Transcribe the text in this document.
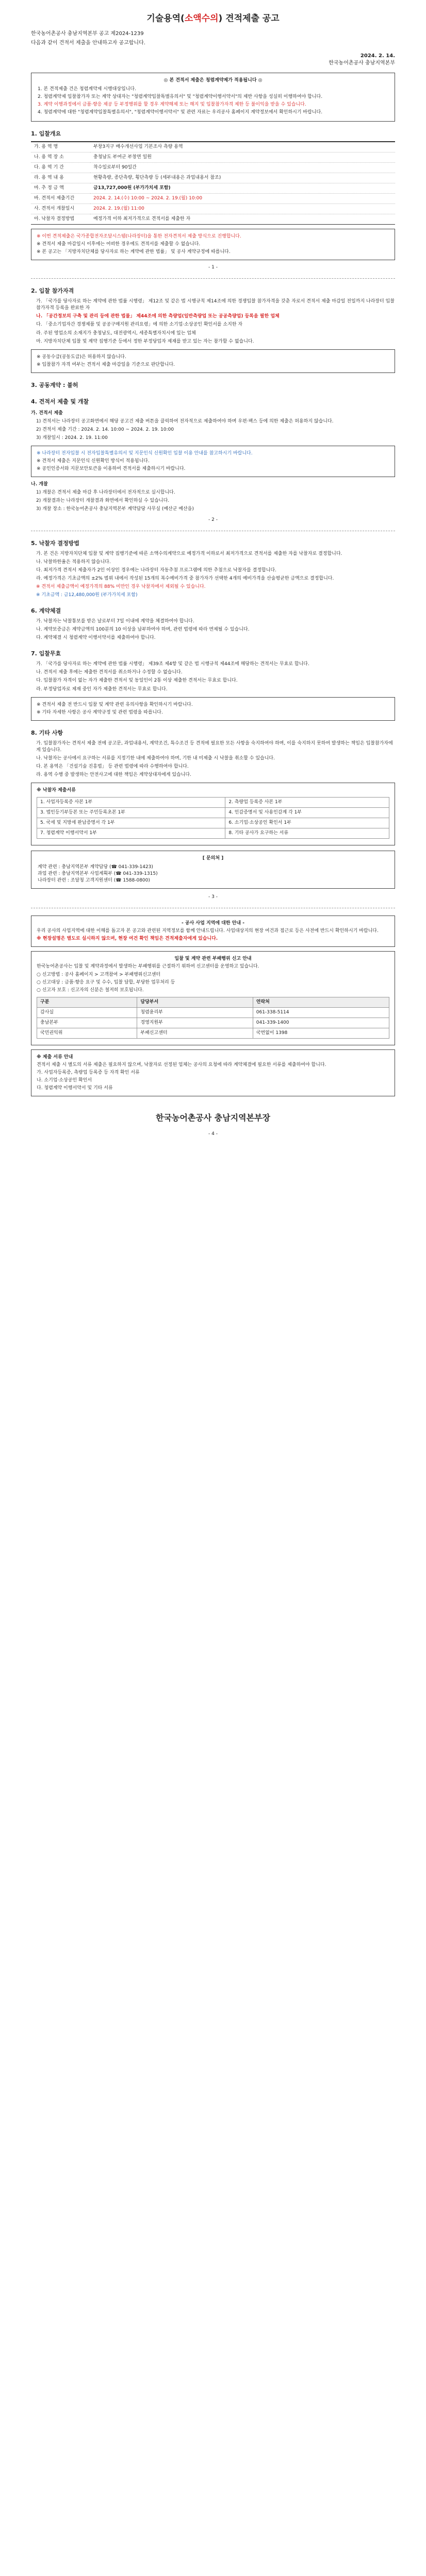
기술용역(소액수의) 견적제출 공고

한국농어촌공사 충남지역본부 공고 제2024-1239

다음과 같이 견적서 제출을 안내하고자 공고합니다.

2024. 2. 14.
한국농어촌공사 충남지역본부
◎ 본 견적서 제출은 청렴계약제가 적용됩니다 ◎

1. 본 견적제출 건은 청렴계약제 시행대상입니다.

2. 청렴계약제 입찰참가자 또는 계약 상대자는 "청렴계약입찰특별유의서" 및 "청렴계약이행서약서"의 제반 사항을 성실히 이행하여야 합니다.

3. 계약 이행과정에서 금품·향응 제공 등 부정행위를 할 경우 계약해제 또는 해지 및 입찰참가자격 제한 등 불이익을 받을 수 있습니다.

4. 청렴계약에 대한 "청렴계약입찰특별유의서", "청렴계약이행서약서" 및 관련 자료는 우리공사 홈페이지 계약정보에서 확인하시기 바랍니다.

1. 입찰개요
가. 용 역 명	부창3지구 배수개선사업 기본조사 측량 용역
나. 용 역 장 소	충청남도 부여군 부창면 일원
다. 용 역 기 간	착수일로부터 90일간
라. 용 역 내 용	현황측량, 종단측량, 횡단측량 등 (세부내용은 과업내용서 참조)
마. 추 정 금 액	금13,727,000원 (부가가치세 포함)
바. 견적서 제출기간	2024. 2. 14.(수) 10:00 ~ 2024. 2. 19.(월) 10:00
사. 견적서 개찰일시	2024. 2. 19.(월) 11:00
아. 낙찰자 결정방법	예정가격 이하 최저가격으로 견적서를 제출한 자

※ 이번 견적제출은 국가종합전자조달시스템(나라장터)을 통한 전자견적서 제출 방식으로 진행합니다.

※ 견적서 제출 마감일시 이후에는 어떠한 경우에도 견적서를 제출할 수 없습니다.

※ 본 공고는 「지방자치단체를 당사자로 하는 계약에 관한 법률」 및 공사 계약규정에 따릅니다.

- 1 -
2. 입찰 참가자격

가. 「국가를 당사자로 하는 계약에 관한 법률 시행령」 제12조 및 같은 법 시행규칙 제14조에 의한 경쟁입찰 참가자격을 갖춘 자로서 견적서 제출 마감일 전일까지 나라장터 입찰참가자격 등록을 완료한 자

나. 「공간정보의 구축 및 관리 등에 관한 법률」 제44조에 의한 측량업(일반측량업 또는 공공측량업) 등록을 필한 업체

다. 「중소기업자간 경쟁제품 및 공공구매지원 관리요령」에 의한 소기업·소상공인 확인서를 소지한 자

라. 주된 영업소의 소재지가 충청남도, 대전광역시, 세종특별자치시에 있는 업체

마. 지방자치단체 입찰 및 계약 집행기준 등에서 정한 부정당업자 제재를 받고 있는 자는 참가할 수 없습니다.

※ 공동수급(공동도급)은 허용하지 않습니다.

※ 입찰참가 자격 여부는 견적서 제출 마감일을 기준으로 판단합니다.

3. 공동계약 : 불허
4. 견적서 제출 및 개찰
가. 견적서 제출

1) 견적서는 나라장터 공고화면에서 해당 공고건 제출 버튼을 클릭하여 전자적으로 제출하여야 하며 우편·팩스 등에 의한 제출은 허용하지 않습니다.

2) 견적서 제출 기간 : 2024. 2. 14. 10:00 ~ 2024. 2. 19. 10:00

3) 개찰일시 : 2024. 2. 19. 11:00

※ 나라장터 전자입찰 시 전자입찰특별유의서 및 지문인식 신원확인 입찰 이용 안내를 참고하시기 바랍니다.

※ 견적서 제출은 지문인식 신원확인 방식이 적용됩니다.

※ 공인인증서와 지문보안토큰을 이용하여 견적서를 제출하시기 바랍니다.

나. 개찰

1) 개찰은 견적서 제출 마감 후 나라장터에서 전자적으로 실시합니다.

2) 개찰결과는 나라장터 개찰결과 화면에서 확인하실 수 있습니다.

3) 개찰 장소 : 한국농어촌공사 충남지역본부 계약담당 사무실 (예산군 예산읍)

- 2 -
5. 낙찰자 결정방법

가. 본 건은 지방자치단체 입찰 및 계약 집행기준에 따른 소액수의계약으로 예정가격 이하로서 최저가격으로 견적서를 제출한 자를 낙찰자로 결정합니다.

나. 낙찰하한율은 적용하지 않습니다.

다. 최저가격 견적서 제출자가 2인 이상인 경우에는 나라장터 자동추첨 프로그램에 의한 추첨으로 낙찰자를 결정합니다.

라. 예정가격은 기초금액의 ±2% 범위 내에서 작성된 15개의 복수예비가격 중 참가자가 선택한 4개의 예비가격을 산술평균한 금액으로 결정합니다.

※ 견적서 제출금액이 예정가격의 88% 미만인 경우 낙찰자에서 제외될 수 있습니다.

※ 기초금액 : 금12,480,000원 (부가가치세 포함)

6. 계약체결

가. 낙찰자는 낙찰통보를 받은 날로부터 7일 이내에 계약을 체결하여야 합니다.

나. 계약보증금은 계약금액의 100분의 10 이상을 납부하여야 하며, 관련 법령에 따라 면제될 수 있습니다.

다. 계약체결 시 청렴계약 이행서약서를 제출하여야 합니다.

7. 입찰무효

가. 「국가를 당사자로 하는 계약에 관한 법률 시행령」 제39조 제4항 및 같은 법 시행규칙 제44조에 해당하는 견적서는 무효로 합니다.

나. 견적서 제출 후에는 제출한 견적서를 취소하거나 수정할 수 없습니다.

다. 입찰참가 자격이 없는 자가 제출한 견적서 및 동일인이 2통 이상 제출한 견적서는 무효로 합니다.

라. 부정당업자로 제재 중인 자가 제출한 견적서는 무효로 합니다.

※ 견적서 제출 전 반드시 입찰 및 계약 관련 유의사항을 확인하시기 바랍니다.

※ 기타 자세한 사항은 공사 계약규정 및 관련 법령을 따릅니다.

8. 기타 사항

가. 입찰참가자는 견적서 제출 전에 공고문, 과업내용서, 계약조건, 특수조건 등 견적에 필요한 모든 사항을 숙지하여야 하며, 이를 숙지하지 못하여 발생하는 책임은 입찰참가자에게 있습니다.

나. 낙찰자는 공사에서 요구하는 서류를 지정기한 내에 제출하여야 하며, 기한 내 미제출 시 낙찰을 취소할 수 있습니다.

다. 본 용역은 「건설기술 진흥법」 등 관련 법령에 따라 수행하여야 합니다.

라. 용역 수행 중 발생하는 안전사고에 대한 책임은 계약상대자에게 있습니다.

※ 낙찰자 제출서류

1. 사업자등록증 사본 1부	2. 측량업 등록증 사본 1부
3. 법인등기부등본 또는 주민등록초본 1부	4. 인감증명서 및 사용인감계 각 1부
5. 국세 및 지방세 완납증명서 각 1부	6. 소기업·소상공인 확인서 1부
7. 청렴계약 이행서약서 1부	8. 기타 공사가 요구하는 서류
[ 문의처 ]

계약 관련 : 충남지역본부 계약담당 (☎ 041-339-1423)

과업 관련 : 충남지역본부 사업계획부 (☎ 041-339-1315)

나라장터 관련 : 조달청 고객지원센터 (☎ 1588-0800)

- 3 -

- 공사 사업 지역에 대한 안내 -

우리 공사의 사업지역에 대한 이해를 돕고자 본 공고와 관련된 지역정보를 함께 안내드립니다. 사업대상지의 현장 여건과 접근로 등은 사전에 반드시 확인하시기 바랍니다.

※ 현장설명은 별도로 실시하지 않으며, 현장 여건 확인 책임은 견적제출자에게 있습니다.

입찰 및 계약 관련 부패행위 신고 안내

한국농어촌공사는 입찰 및 계약과정에서 발생하는 부패행위를 근절하기 위하여 신고센터를 운영하고 있습니다.

○ 신고방법 : 공사 홈페이지 > 고객참여 > 부패행위신고센터

○ 신고대상 : 금품·향응 요구 및 수수, 입찰 담합, 부당한 업무처리 등

○ 신고자 보호 : 신고자의 신분은 철저히 보호됩니다.

구분	담당부서	연락처
감사실	청렴윤리부	061-338-5114
충남본부	경영지원부	041-339-1400
국민권익위	부패신고센터	국번없이 1398

※ 제출 서류 안내

견적서 제출 시 별도의 서류 제출은 필요하지 않으며, 낙찰자로 선정된 업체는 공사의 요청에 따라 계약체결에 필요한 서류를 제출하여야 합니다.

가. 사업자등록증, 측량업 등록증 등 자격 확인 서류

나. 소기업·소상공인 확인서

다. 청렴계약 이행서약서 및 기타 서류

한국농어촌공사 충남지역본부장
- 4 -
